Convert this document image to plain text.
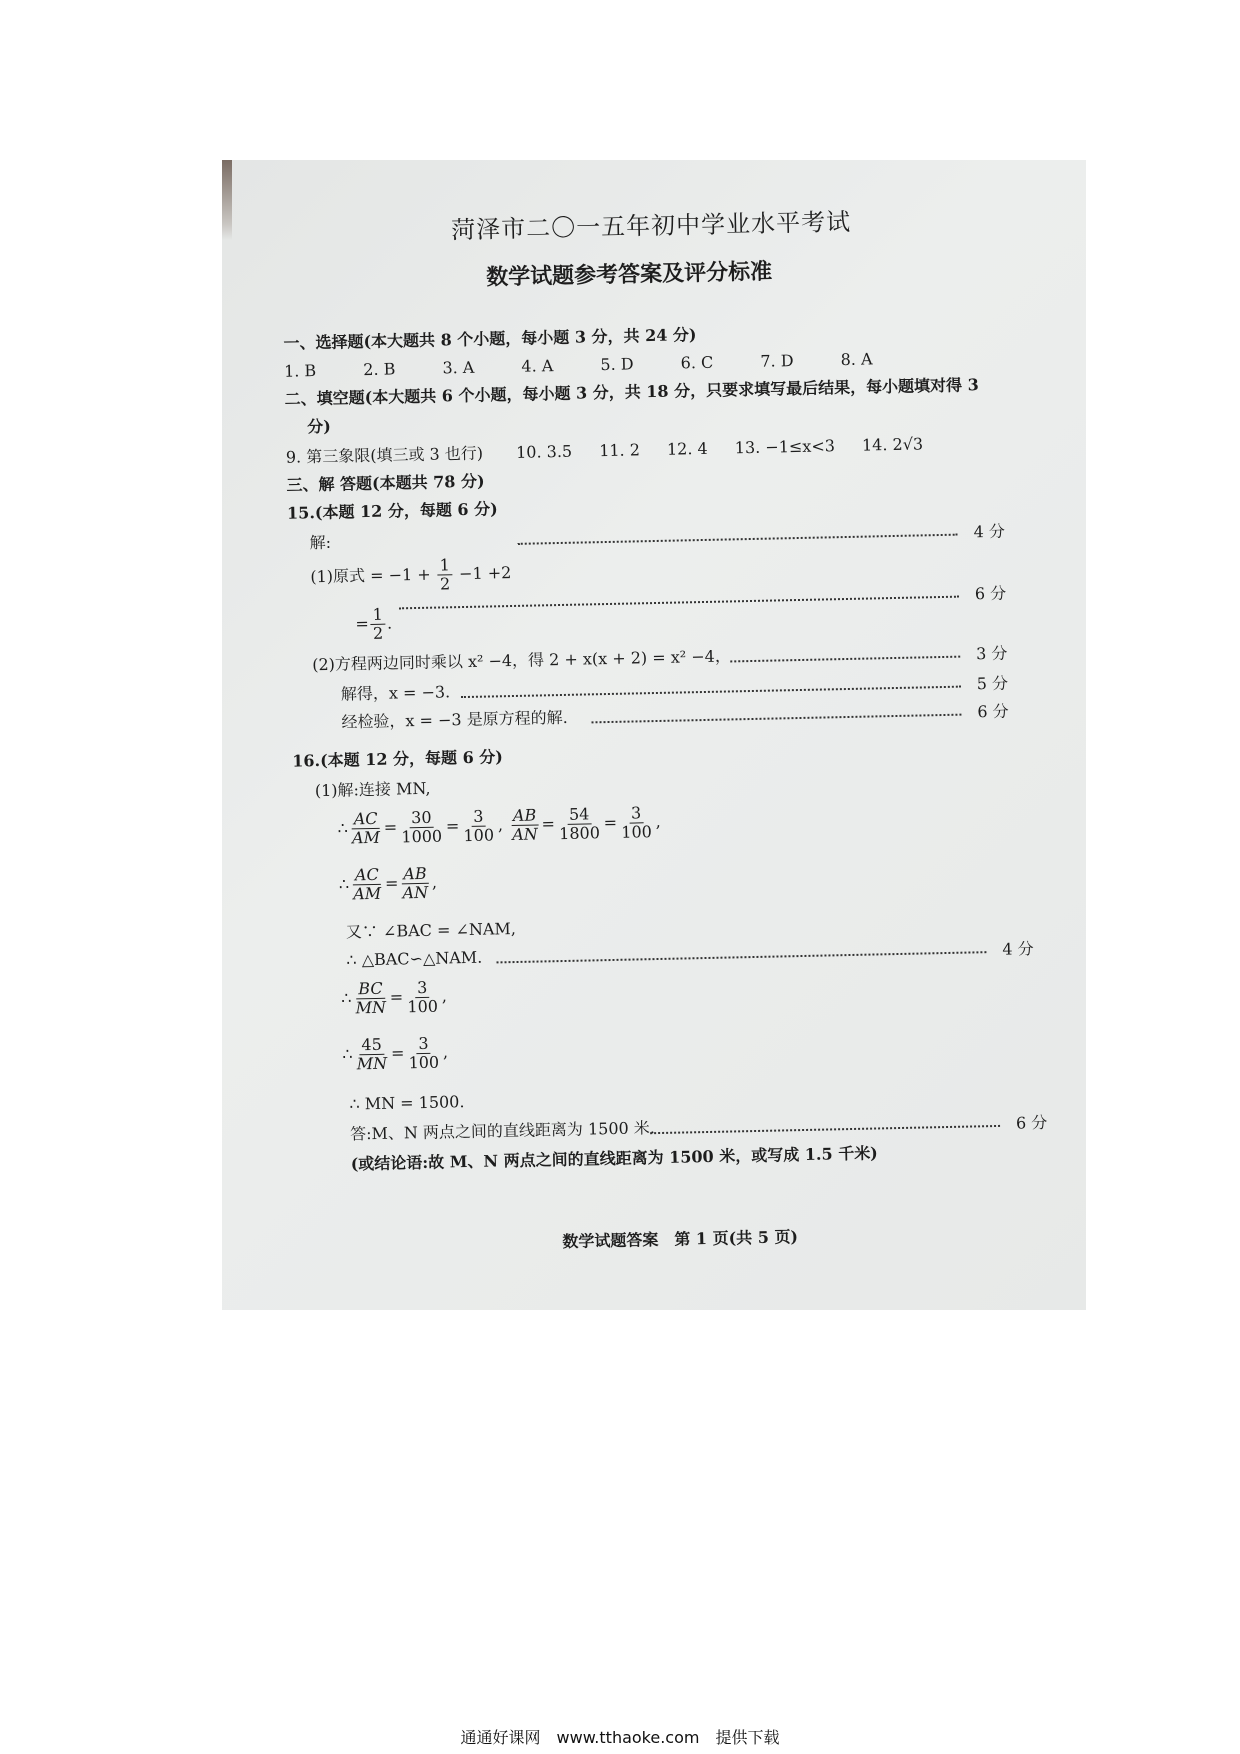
菏泽市二〇一五年初中学业水平考试
数学试题参考答案及评分标准
一、选择题(本大题共 8 个小题，每小题 3 分，共 24 分)
1. B	2. B	3. A	4. A	5. D	6. C	7. D	8. A
二、填空题(本大题共 6 个小题，每小题 3 分，共 18 分，只要求填写最后结果，每小题填对得 3
分)
9. 第三象限(填三或 3 也行) 10. 3.5 11. 2 12. 4 13. −1≤x<3 14. 2√3
三、解 答题(本题共 78 分)
15.(本题 12 分，每题 6 分)
解:
4 分
(1)原式 = $-1 + \frac{1}{2} -1 +2$
= $\frac{1}{2}$ .
6 分
(2)方程两边同时乘以 x² −4，得 2 + x(x + 2) = x² −4，	3 分
解得，x = −3.	5 分
经检验，x = −3 是原方程的解.	6 分
16.(本题 12 分，每题 6 分)
(1)解:连接 MN,
∴ $\frac{AC}{AM} = \frac{30}{1000} = \frac{3}{100}$ , $\frac{AB}{AN} = \frac{54}{1800} = \frac{3}{100}$ ,
∴ $\frac{AC}{AM} = \frac{AB}{AN}$ ,
又∵ ∠BAC = ∠NAM,
∴ △BAC∽△NAM.	4 分
∴ $\frac{BC}{MN} = \frac{3}{100}$ ,
∴ $\frac{45}{MN} = \frac{3}{100}$ ,
∴ MN = 1500.
答:M、N 两点之间的直线距离为 1500 米.	6 分
(或结论语:故 M、N 两点之间的直线距离为 1500 米，或写成 1.5 千米)
数学试题答案　第 1 页(共 5 页)
通通好课网　www.tthaoke.com　提供下载
